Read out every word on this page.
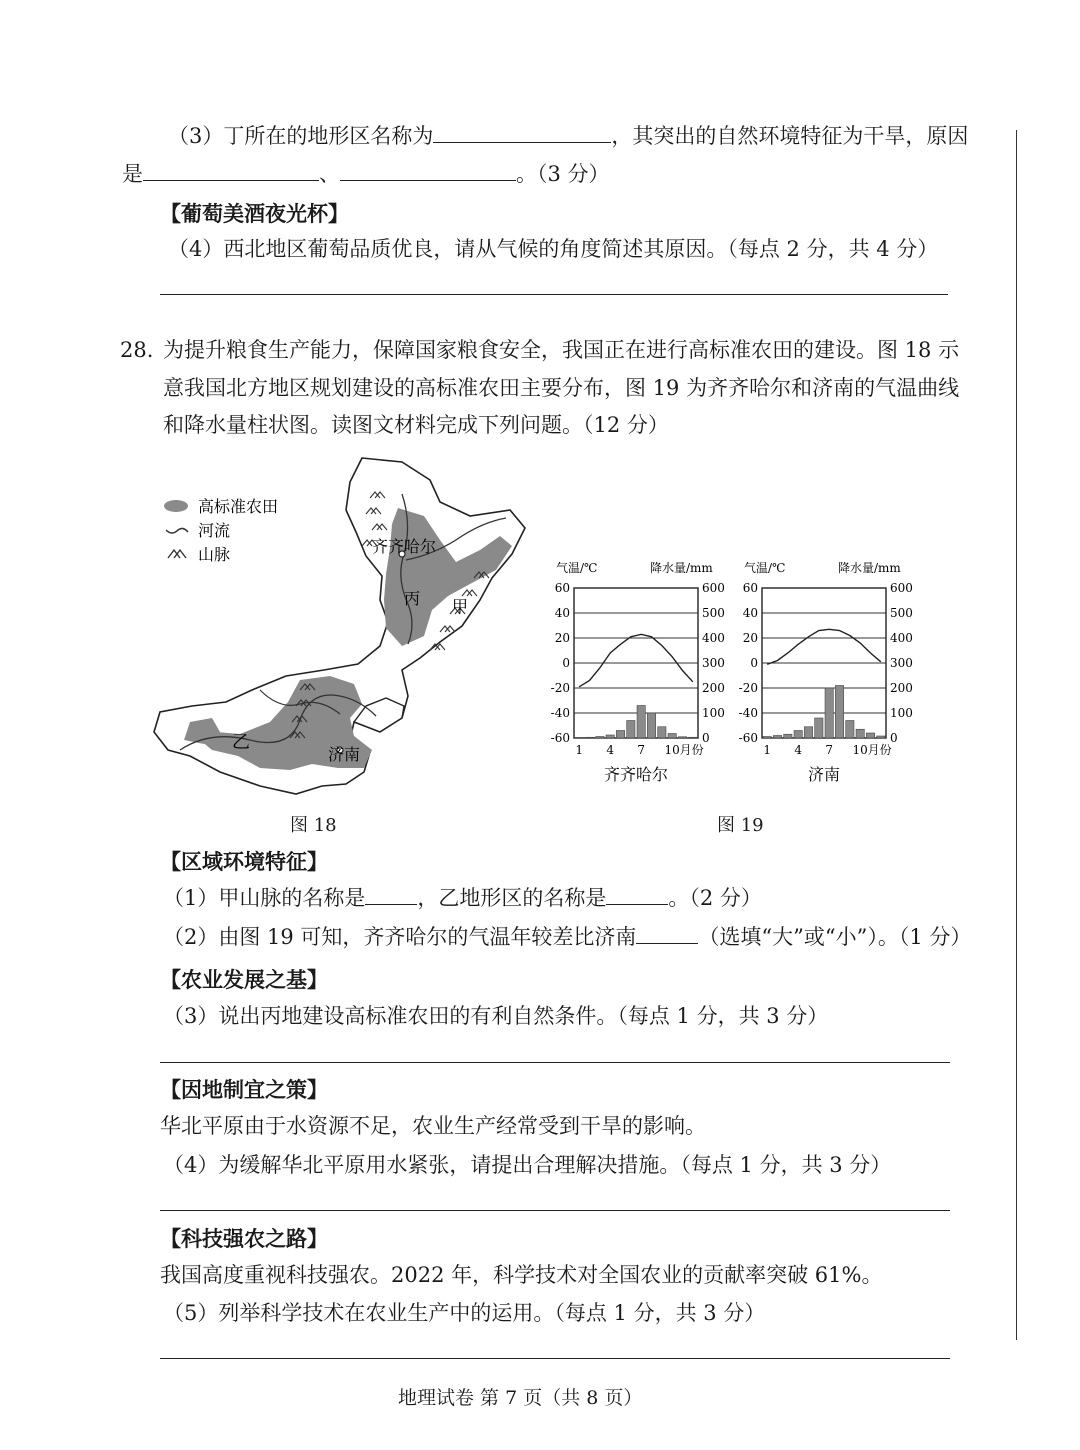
（3）丁所在的地形区名称为	，其突出的自然环境特征为干旱，原因
是	、	。（3 分）
【葡萄美酒夜光杯】
（4）西北地区葡萄品质优良，请从气候的角度简述其原因。（每点 2 分，共 4 分）
28. 为提升粮食生产能力，保障国家粮食安全，我国正在进行高标准农田的建设。图 18 示
意我国北方地区规划建设的高标准农田主要分布，图 19 为齐齐哈尔和济南的气温曲线
和降水量柱状图。读图文材料完成下列问题。（12 分）
高标准农田
河流
山脉	齐齐哈尔
丙 甲
乙
济南
图 18
气温/℃	降水量/mm
60	600
40	500
20	400
0	300
-20	200
-40	100
-60	0
1 4 7 10 月份
齐齐哈尔
气温/℃	降水量/mm
60	600
40	500
20	400
0	300
-20	200
-40	100
-60	0
1 4 7 10 月份
济南
图 19
【区域环境特征】
（1）甲山脉的名称是 ，乙地形区的名称是	。（2 分）
（2）由图 19 可知，齐齐哈尔的气温年较差比济南	（选填“大”或“小”）。（1 分）
【农业发展之基】
（3）说出丙地建设高标准农田的有利自然条件。（每点 1 分，共 3 分）
【因地制宜之策】
华北平原由于水资源不足，农业生产经常受到干旱的影响。
（4）为缓解华北平原用水紧张，请提出合理解决措施。（每点 1 分，共 3 分）
【科技强农之路】
我国高度重视科技强农。2022 年，科学技术对全国农业的贡献率突破 61%。
（5）列举科学技术在农业生产中的运用。（每点 1 分，共 3 分）
地理试卷 第 7 页（共 8 页）
